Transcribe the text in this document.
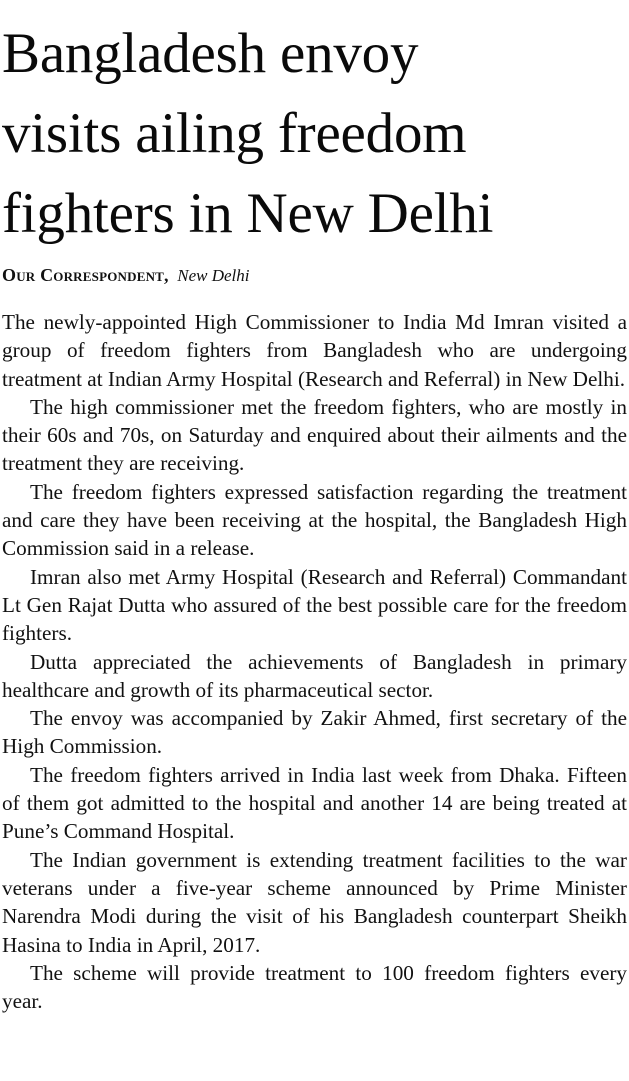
Bangladesh envoy
visits ailing freedom
fighters in New Delhi
Our Correspondent, New Delhi

The newly-appointed High Commissioner to India Md Imran visited a group of freedom fighters from Bangladesh who are undergoing treatment at Indian Army Hospital (Research and Referral) in New Delhi.

The high commissioner met the freedom fighters, who are mostly in their 60s and 70s, on Saturday and enquired about their ailments and the treatment they are receiving.

The freedom fighters expressed satisfaction regarding the treatment and care they have been receiving at the hospital, the Bangladesh High Commission said in a release.

Imran also met Army Hospital (Research and Referral) Commandant Lt Gen Rajat Dutta who assured of the best possible care for the freedom fighters.

Dutta appreciated the achievements of Bangladesh in primary healthcare and growth of its pharmaceutical sector.

The envoy was accompanied by Zakir Ahmed, first secretary of the High Commission.

The freedom fighters arrived in India last week from Dhaka. Fifteen of them got admitted to the hospital and another 14 are being treated at Pune’s Command Hospital.

The Indian government is extending treatment facilities to the war veterans under a five-year scheme announced by Prime Minister Narendra Modi during the visit of his Bangladesh counterpart Sheikh Hasina to India in April, 2017.

The scheme will provide treatment to 100 freedom fighters every year.
